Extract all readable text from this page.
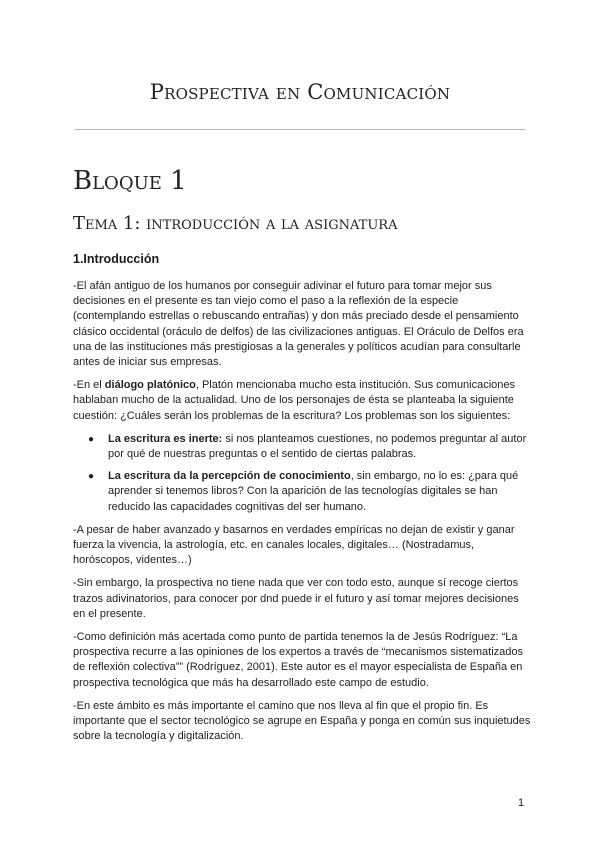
Prospectiva en Comunicación
Bloque 1
Tema 1: introducción a la asignatura
1.Introducción

-El afán antiguo de los humanos por conseguir adivinar el futuro para tomar mejor sus decisiones en el presente es tan viejo como el paso a la reflexión de la especie (contemplando estrellas o rebuscando entrañas) y don más preciado desde el pensamiento clásico occidental (oráculo de delfos) de las civilizaciones antiguas. El Oráculo de Delfos era una de las instituciones más prestigiosas a la generales y políticos acudían para consultarle antes de iniciar sus empresas.

-En el diálogo platónico, Platón mencionaba mucho esta institución. Sus comunicaciones hablaban mucho de la actualidad. Uno de los personajes de ésta se planteaba la siguiente cuestión: ¿Cuáles serán los problemas de la escritura? Los problemas son los siguientes:

● La escritura es inerte: si nos planteamos cuestiones, no podemos preguntar al autor por qué de nuestras preguntas o el sentido de ciertas palabras.
● La escritura da la percepción de conocimiento, sin embargo, no lo es: ¿para qué aprender si tenemos libros? Con la aparición de las tecnologías digitales se han reducido las capacidades cognitivas del ser humano.

-A pesar de haber avanzado y basarnos en verdades empíricas no dejan de existir y ganar fuerza la vivencia, la astrología, etc. en canales locales, digitales… (Nostradamus, horóscopos, videntes…)

-Sin embargo, la prospectiva no tiene nada que ver con todo esto, aunque sí recoge ciertos trazos adivinatorios, para conocer por dnd puede ir el futuro y así tomar mejores decisiones en el presente.

-Como definición más acertada como punto de partida tenemos la de Jesús Rodríguez: “La prospectiva recurre a las opiniones de los expertos a través de “mecanismos sistematizados de reflexión colectiva”” (Rodríguez, 2001). Este autor es el mayor especialista de España en prospectiva tecnológica que más ha desarrollado este campo de estudio.

-En este ámbito es más importante el camino que nos lleva al fin que el propio fin. Es importante que el sector tecnológico se agrupe en España y ponga en común sus inquietudes sobre la tecnología y digitalización.

1
